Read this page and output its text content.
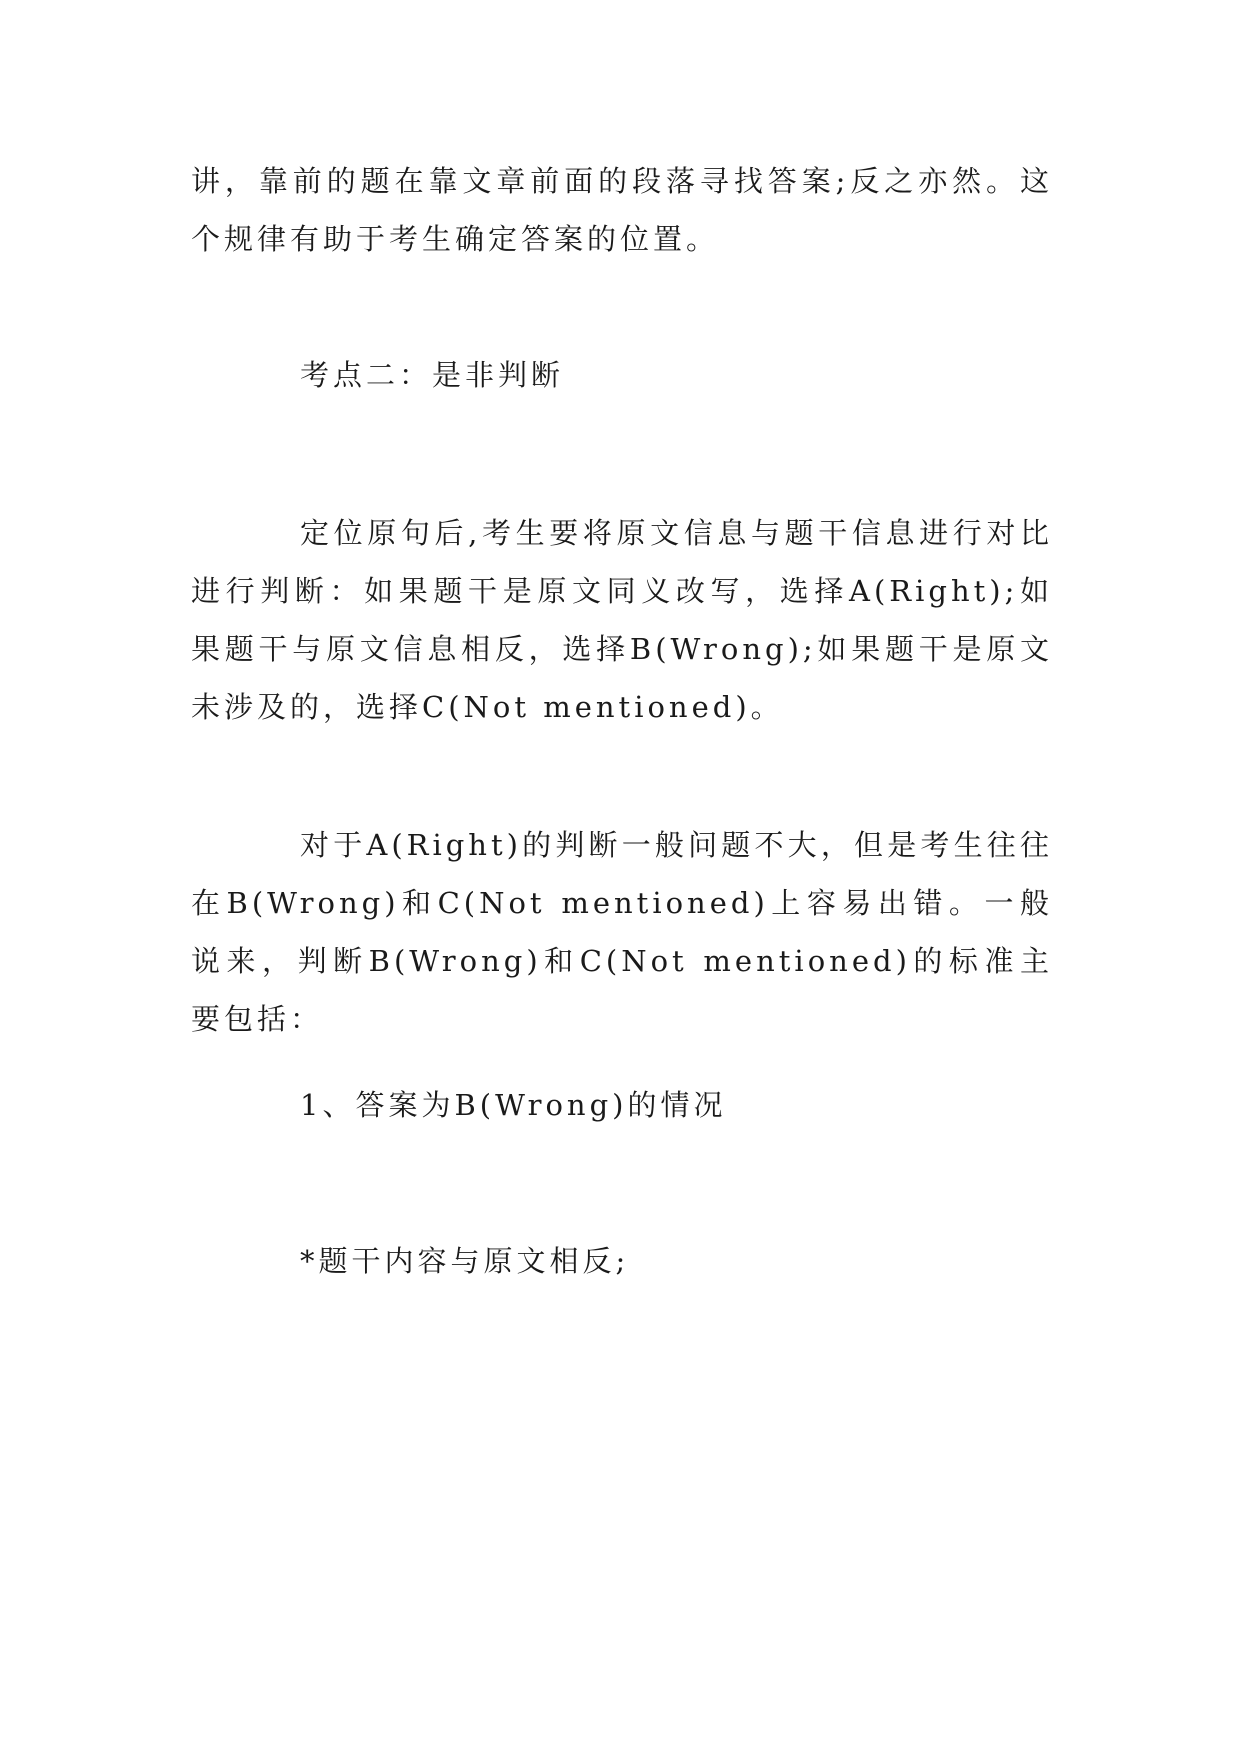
讲，靠前的题在靠文章前面的段落寻找答案;反之亦然。这个规律有助于考生确定答案的位置。

考点二：是非判断

定位原句后,考生要将原文信息与题干信息进行对比进行判断：如果题干是原文同义改写，选择A(Right);如果题干与原文信息相反，选择B(Wrong);如果题干是原文未涉及的，选择C(Not mentioned)。

对于A(Right)的判断一般问题不大，但是考生往往在B(Wrong)和C(Not mentioned)上容易出错。一般说来，判断B(Wrong)和C(Not mentioned)的标准主要包括：

1、答案为B(Wrong)的情况

*题干内容与原文相反;
